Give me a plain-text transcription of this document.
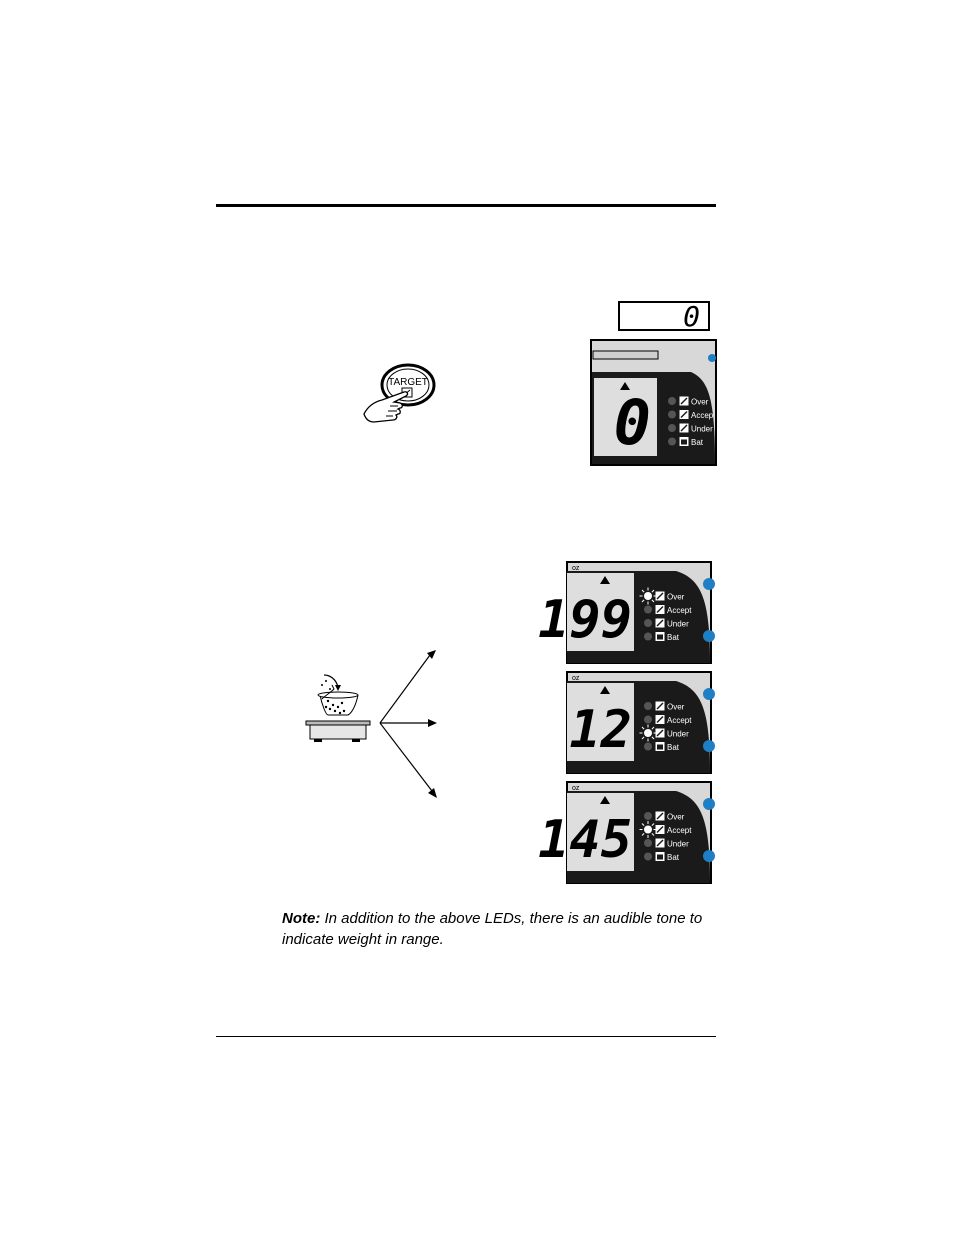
0
TARGET
0	Over
Accep
Under
Bat
oz
199	Over
Accept
Under
Bat
oz
12	Over
Accept
Under
Bat
oz
145	Over
Accept
Under
Bat
Note: In addition to the above LEDs, there is an audible tone to indicate weight in range.
